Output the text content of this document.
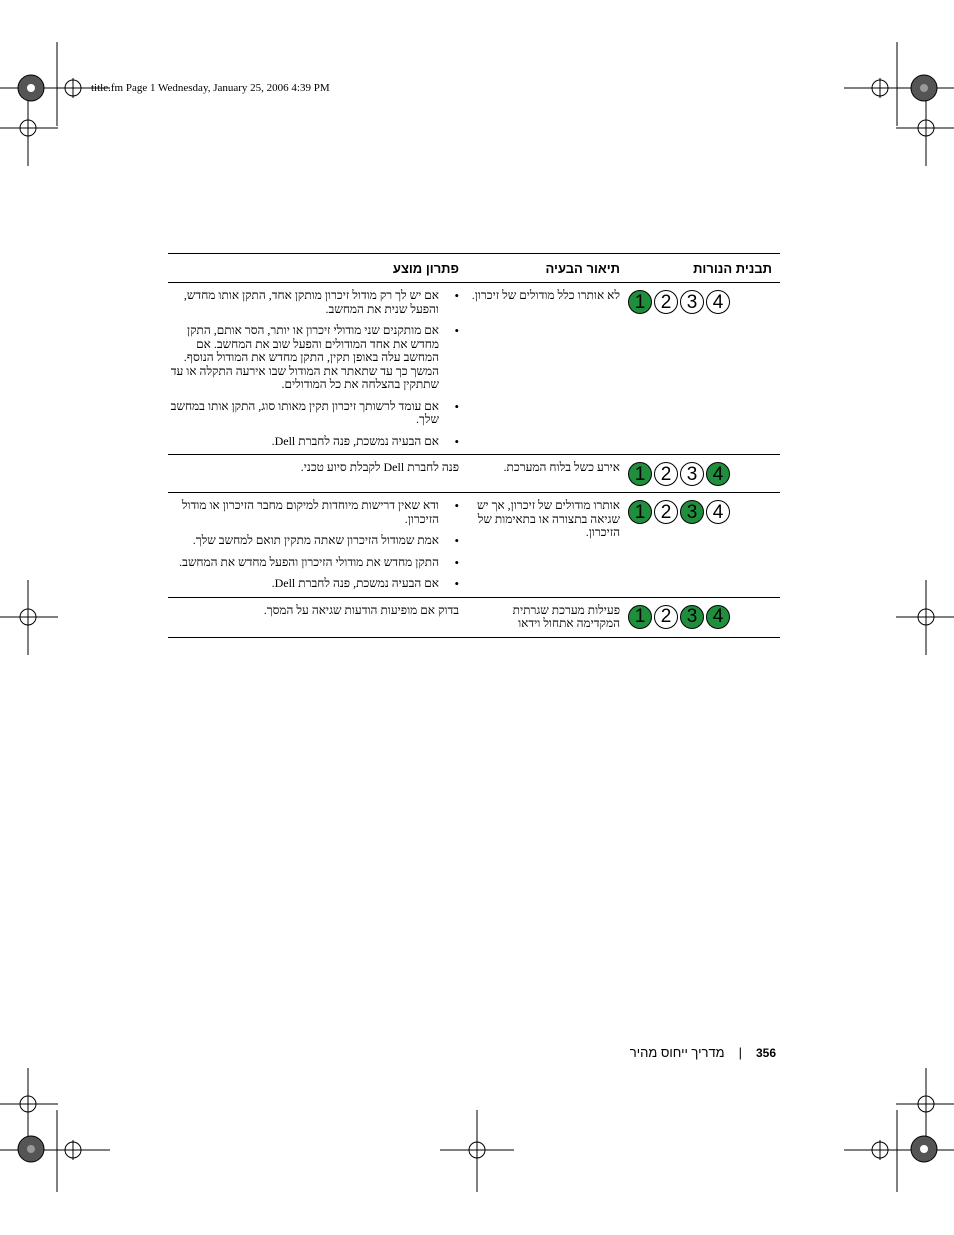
title.fm Page 1 Wednesday, January 25, 2006 4:39 PM
תבנית הנורות
תיאור הבעיה
פתרון מוצע
1 2 3 4
לא אותרו כלל מודולים של זיכרון.
• אם יש לך רק מודול זיכרון מותקן אחד, התקן אותו מחדש, והפעל שנית את המחשב.
• אם מותקנים שני מודולי זיכרון או יותר, הסר אותם, התקן מחדש את אחד המודולים והפעל שוב את המחשב. אם המחשב עלה באופן תקין, התקן מחדש את המודול הנוסף. המשך כך עד שתאתר את המודול שבו אירעה התקלה או עד שתתקין בהצלחה את כל המודולים.
• אם עומד לרשותך זיכרון תקין מאותו סוג, התקן אותו במחשב שלך.
• אם הבעיה נמשכת, פנה לחברת Dell.
1 2 3 4
אירע כשל בלוח המערכת.

פנה לחברת Dell לקבלת סיוע טכני.

1 2 3 4
אותרו מודולים של זיכרון, אך יש שגיאה בתצורה או בתאימות של הזיכרון.
• ודא שאין דרישות מיוחדות למיקום מחבר הזיכרון או מודול הזיכרון.
• אמת שמודול הזיכרון שאתה מתקין תואם למחשב שלך.
• התקן מחדש את מודולי הזיכרון והפעל מחדש את המחשב.
• אם הבעיה נמשכת, פנה לחברת Dell.
1 2 3 4
פעילות מערכת שגרתית המקדימה אתחול וידאו

בדוק אם מופיעות הודעות שגיאה על המסך.

356
|
מדריך ייחוס מהיר
